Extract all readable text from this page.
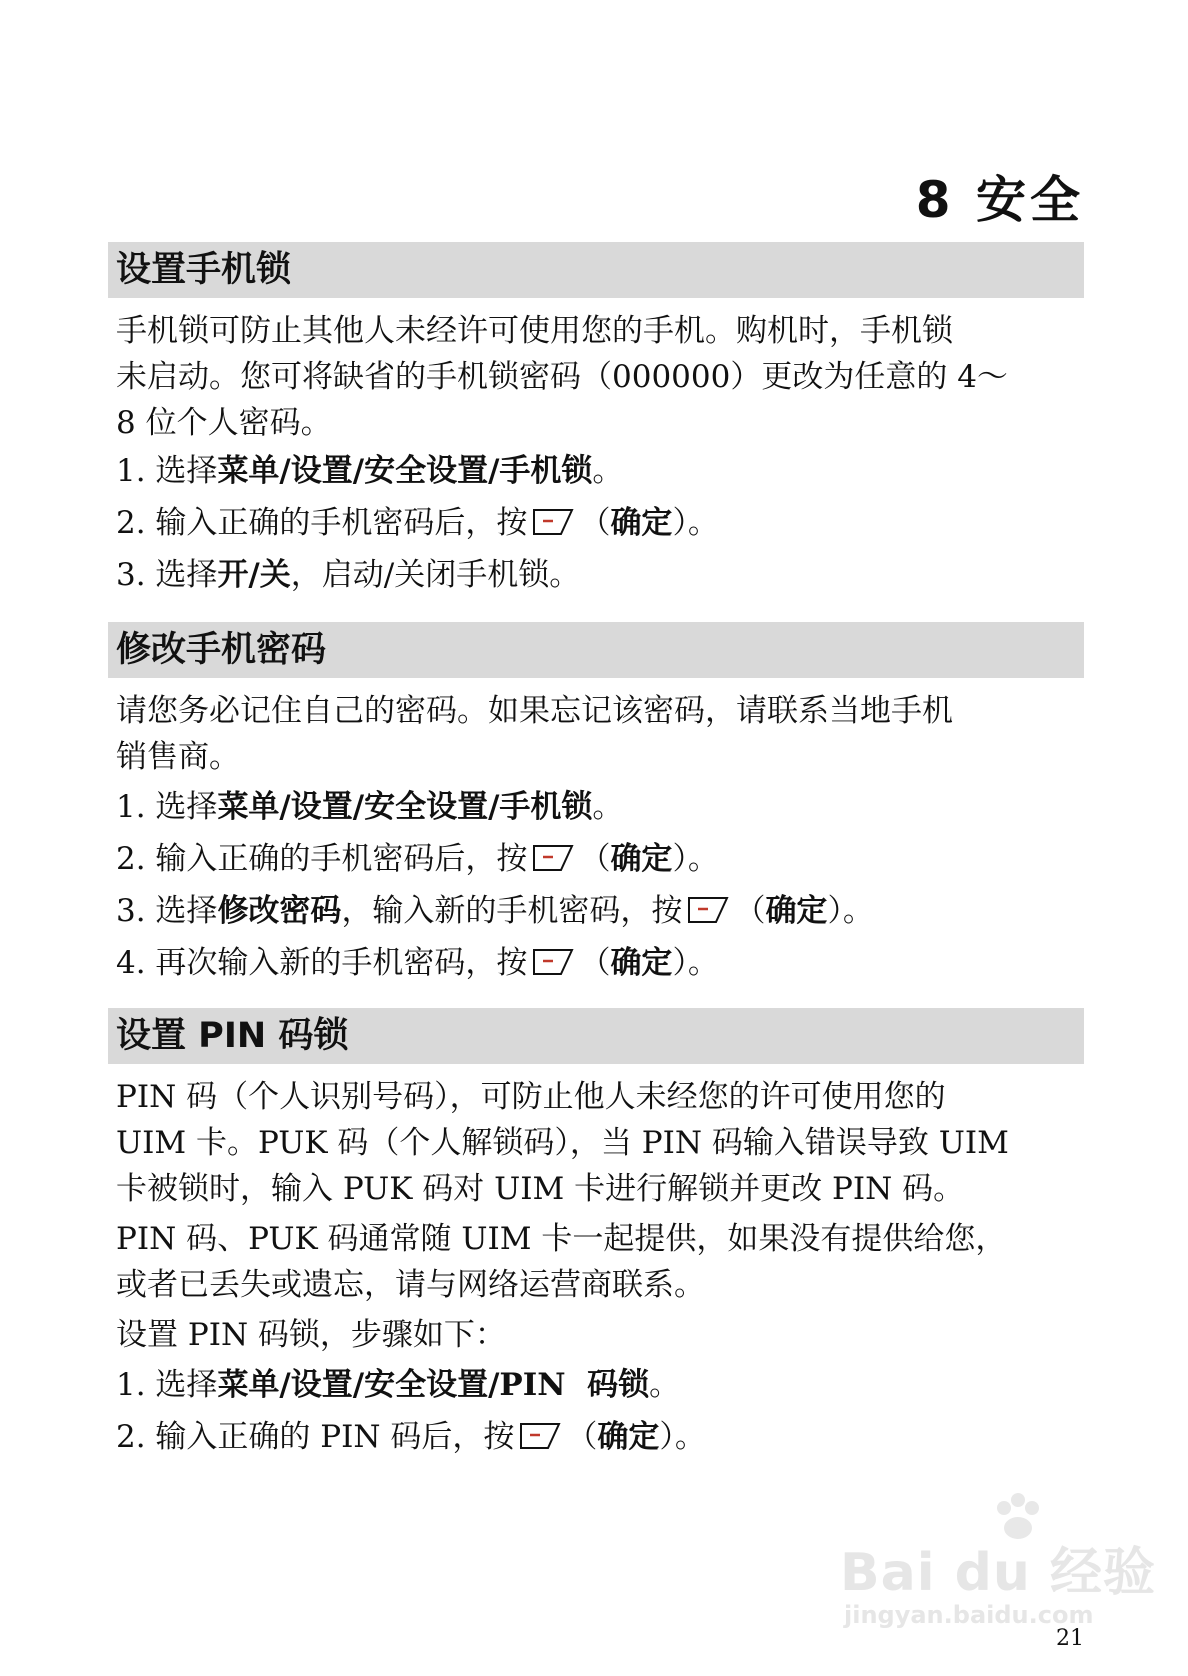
8 安全
设置手机锁
手机锁可防止其他人未经许可使用您的手机。购机时，手机锁
未启动。您可将缺省的手机锁密码（000000）更改为任意的 4～
8 位个人密码。
1. 选择菜单/设置/安全设置/手机锁。
2. 输入正确的手机密码后，按 （确定）。
3. 选择开/关，启动/关闭手机锁。
修改手机密码
请您务必记住自己的密码。如果忘记该密码，请联系当地手机
销售商。
1. 选择菜单/设置/安全设置/手机锁。
2. 输入正确的手机密码后，按 （确定）。
3. 选择修改密码，输入新的手机密码，按 （确定）。
4. 再次输入新的手机密码，按 （确定）。
设置 PIN 码锁
PIN 码（个人识别号码），可防止他人未经您的许可使用您的
UIM 卡。PUK 码（个人解锁码），当 PIN 码输入错误导致 UIM
卡被锁时，输入 PUK 码对 UIM 卡进行解锁并更改 PIN 码。
PIN 码、PUK 码通常随 UIM 卡一起提供，如果没有提供给您，
或者已丢失或遗忘，请与网络运营商联系。
设置 PIN 码锁，步骤如下：
1. 选择菜单/设置/安全设置/PIN  码锁。
2. 输入正确的 PIN 码后，按 （确定）。
Bai du 经验
jingyan.baidu.com
21
